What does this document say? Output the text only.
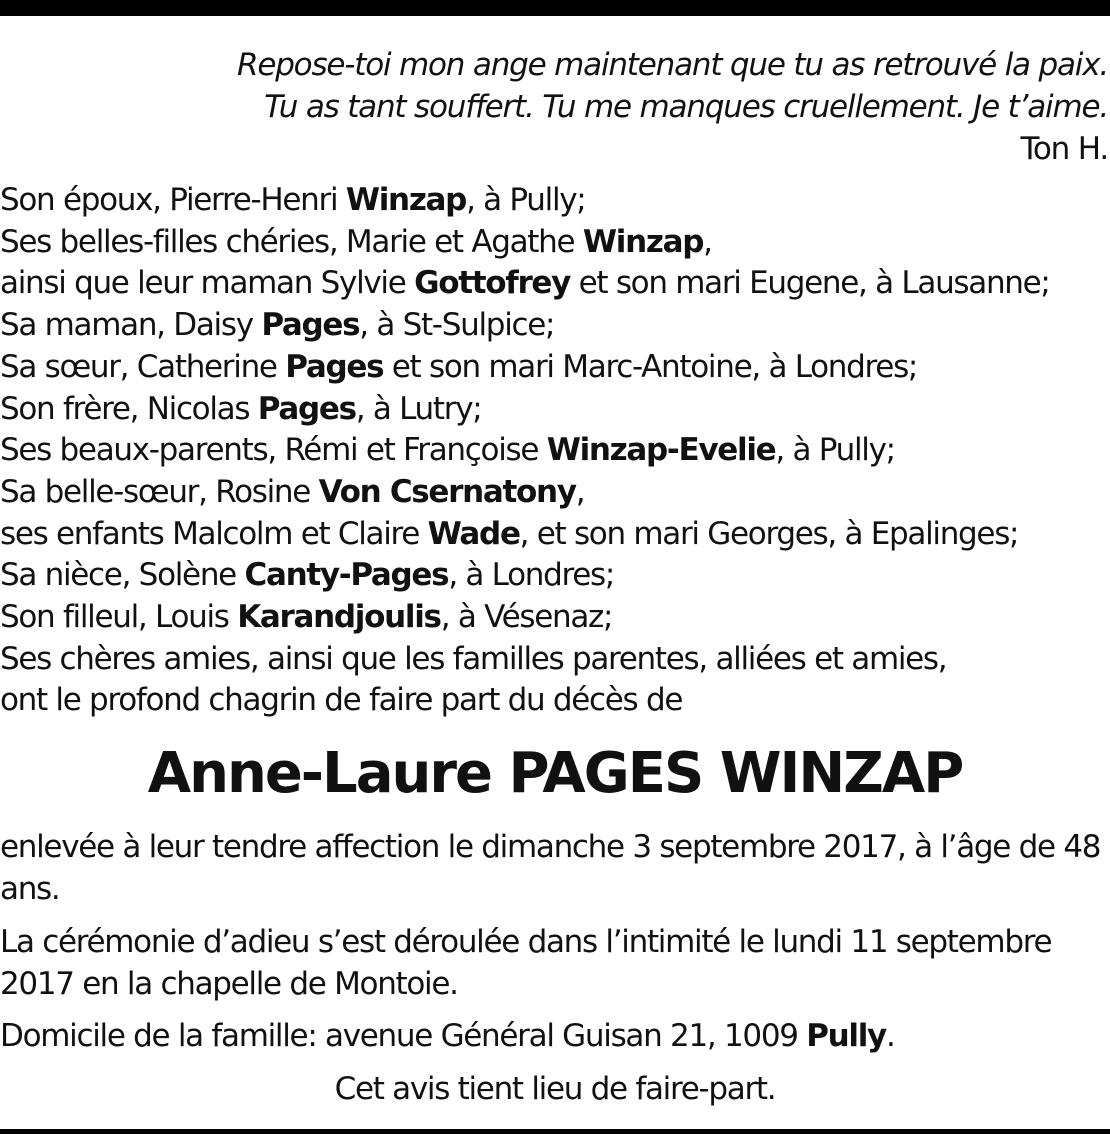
Repose-toi mon ange maintenant que tu as retrouvé la paix.
Tu as tant souffert. Tu me manques cruellement. Je t’aime.
Ton H.
Son époux, Pierre-Henri Winzap, à Pully;
Ses belles-filles chéries, Marie et Agathe Winzap,
ainsi que leur maman Sylvie Gottofrey et son mari Eugene, à Lausanne;
Sa maman, Daisy Pages, à St-Sulpice;
Sa sœur, Catherine Pages et son mari Marc-Antoine, à Londres;
Son frère, Nicolas Pages, à Lutry;
Ses beaux-parents, Rémi et Françoise Winzap-Evelie, à Pully;
Sa belle-sœur, Rosine Von Csernatony,
ses enfants Malcolm et Claire Wade, et son mari Georges, à Epalinges;
Sa nièce, Solène Canty-Pages, à Londres;
Son filleul, Louis Karandjoulis, à Vésenaz;
Ses chères amies, ainsi que les familles parentes, alliées et amies,
ont le profond chagrin de faire part du décès de
Anne-Laure PAGES WINZAP
enlevée à leur tendre affection le dimanche 3 septembre 2017, à l’âge de 48 ans.
La cérémonie d’adieu s’est déroulée dans l’intimité le lundi 11 septembre 2017 en la chapelle de Montoie.
Domicile de la famille: avenue Général Guisan 21, 1009 Pully.
Cet avis tient lieu de faire-part.
